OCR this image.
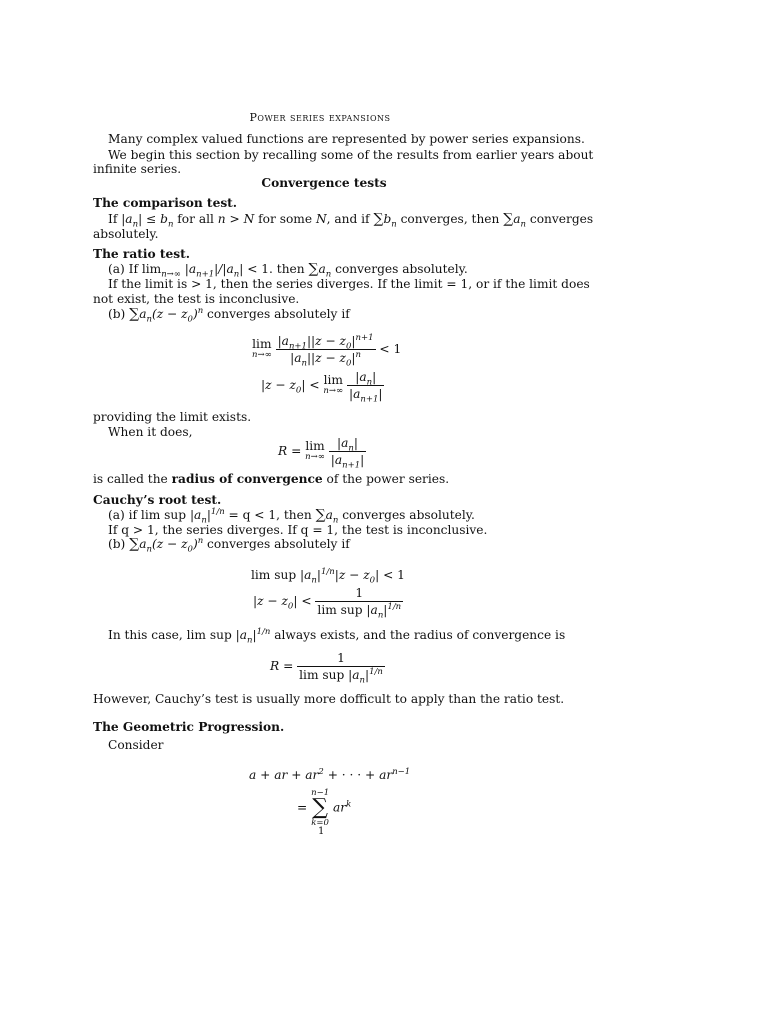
Power series expansions
Many complex valued functions are represented by power series expansions.
We begin this section by recalling some of the results from earlier years about
infinite series.
Convergence tests
The comparison test.
If $|a_n| \le b_n$ for all n > N for some N, and if $\sum b_n$ converges, then $\sum a_n$ converges
absolutely.
The ratio test.
(a) If $\lim_{n\to\infty} |a_{n+1}|/|a_n| < 1$. then $\sum a_n$ converges absolutely.
If the limit is > 1, then the series diverges. If the limit = 1, or if the limit does
not exist, the test is inconclusive.
(b) $\sum a_n(z - z_0)^n$ converges absolutely if
lim
n→∞
$\frac{|a_{n+1}||z - z_0|^{n+1}}{|a_n||z - z_0|^n} < 1$
$|z - z_0| < \lim$
n→∞
$\frac{|a_n|}{|a_{n+1}|}$
providing the limit exists.
When it does,
R = lim
n→∞
$\frac{|a_n|}{|a_{n+1}|}$
is called the radius of convergence of the power series.
Cauchy’s root test.
(a) if lim sup $|a_n|^{1/n} = q < 1$, then $\sum a_n$ converges absolutely.
If q > 1, the series diverges. If q = 1, the test is inconclusive.
(b) $\sum a_n(z - z_0)^n$ converges absolutely if
lim sup $|a_n|^{1/n}|z - z_0| < 1$
$|z - z_0| < \frac{1}{\lim sup |a_n|^{1/n}}$
In this case, lim sup $|a_n|^{1/n}$ always exists, and the radius of convergence is
$R = \frac{1}{\lim sup |a_n|^{1/n}}$
However, Cauchy’s test is usually more dofficult to apply than the ratio test.
The Geometric Progression.
Consider
a + ar + $ar^2$ + · · · + $ar^{n-1}$
=
n−1
∑
k=0
$ar^k$
1
